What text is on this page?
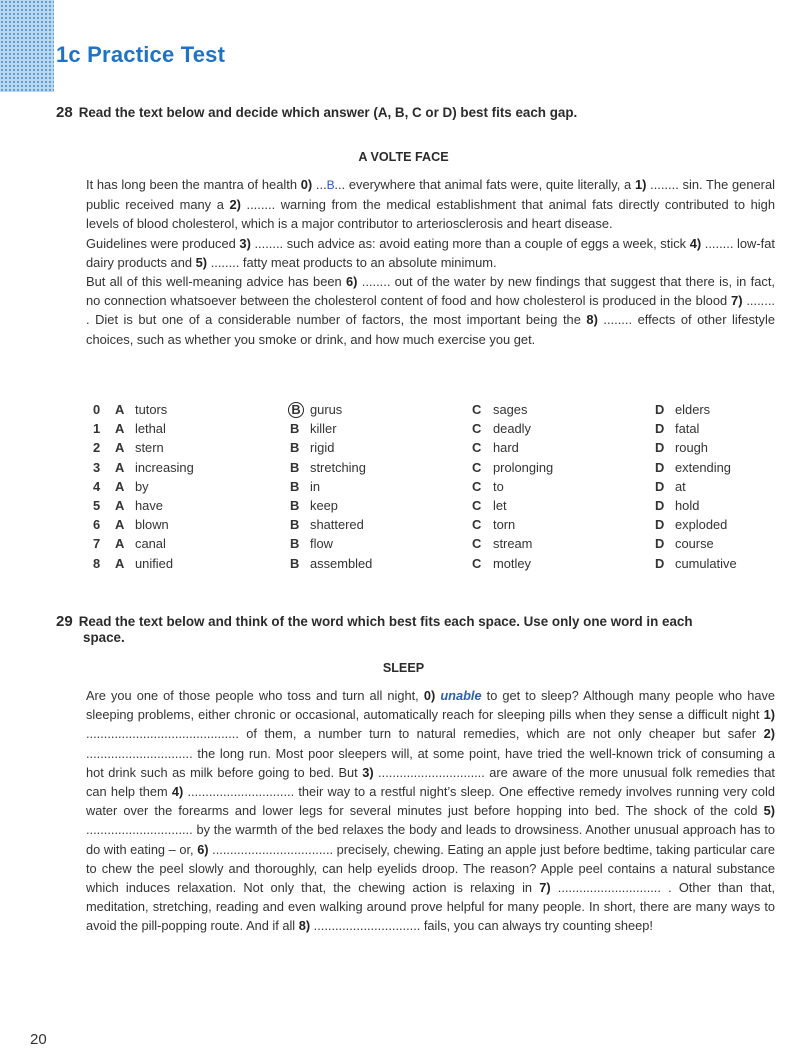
1c Practice Test
28 Read the text below and decide which answer (A, B, C or D) best fits each gap.
A VOLTE FACE

It has long been the mantra of health 0) ...B... everywhere that animal fats were, quite literally, a 1) ........ sin. The general public received many a 2) ........ warning from the medical establishment that animal fats directly contributed to high levels of blood cholesterol, which is a major contributor to arteriosclerosis and heart disease.

Guidelines were produced 3) ........ such advice as: avoid eating more than a couple of eggs a week, stick 4) ........ low-fat dairy products and 5) ........ fatty meat products to an absolute minimum.

But all of this well-meaning advice has been 6) ........ out of the water by new findings that suggest that there is, in fact, no connection whatsoever between the cholesterol content of food and how cholesterol is produced in the blood 7) ........ . Diet is but one of a considerable number of factors, the most important being the 8) ........ effects of other lifestyle choices, such as whether you smoke or drink, and how much exercise you get.

0 A tutors	B gurus	C sages	D elders
1 A lethal	B killer	C deadly	D fatal
2 A stern	B rigid	C hard	D rough
3 A increasing	B stretching	C prolonging	D extending
4 A by	B in	C to	D at
5 A have	B keep	C let	D hold
6 A blown	B shattered	C torn	D exploded
7 A canal	B flow	C stream	D course
8 A unified	B assembled	C motley	D cumulative
29 Read the text below and think of the word which best fits each space. Use only one word in each
space.
SLEEP

Are you one of those people who toss and turn all night, 0) unable to get to sleep? Although many people who have sleeping problems, either chronic or occasional, automatically reach for sleeping pills when they sense a difficult night 1) ........................................... of them, a number turn to natural remedies, which are not only cheaper but safer 2) .............................. the long run. Most poor sleepers will, at some point, have tried the well-known trick of consuming a hot drink such as milk before going to bed. But 3) .............................. are aware of the more unusual folk remedies that can help them 4) .............................. their way to a restful night’s sleep. One effective remedy involves running very cold water over the forearms and lower legs for several minutes just before hopping into bed. The shock of the cold 5) .............................. by the warmth of the bed relaxes the body and leads to drowsiness. Another unusual approach has to do with eating – or, 6) .................................. precisely, chewing. Eating an apple just before bedtime, taking particular care to chew the peel slowly and thoroughly, can help eyelids droop. The reason? Apple peel contains a natural substance which induces relaxation. Not only that, the chewing action is relaxing in 7) ............................. . Other than that, meditation, stretching, reading and even walking around prove helpful for many people. In short, there are many ways to avoid the pill-popping route. And if all 8) .............................. fails, you can always try counting sheep!

20
